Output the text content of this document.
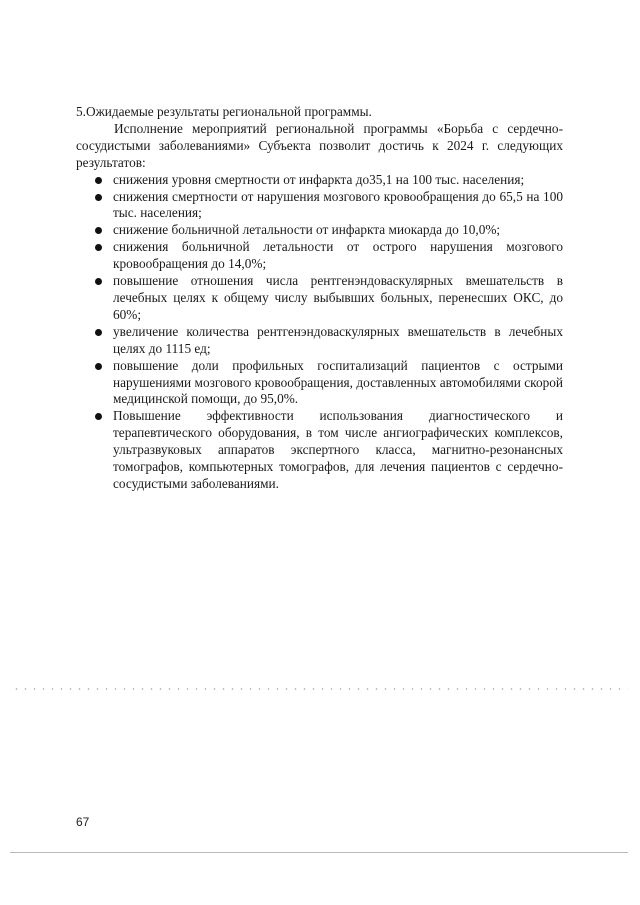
5.Ожидаемые результаты региональной программы.

Исполнение мероприятий региональной программы «Борьба с сердечно-сосудистыми заболеваниями» Субъекта позволит достичь к 2024 г. следующих результатов:

снижения уровня смертности от инфаркта до35,1 на 100 тыс. населения;
снижения смертности от нарушения мозгового кровообращения до 65,5 на 100 тыс. населения;
снижение больничной летальности от инфаркта миокарда до 10,0%;
снижения больничной летальности от острого нарушения мозгового кровообращения до 14,0%;
повышение отношения числа рентгенэндоваскулярных вмешательств в лечебных целях к общему числу выбывших больных, перенесших ОКС, до 60%;
увеличение количества рентгенэндоваскулярных вмешательств в лечебных целях до 1115 ед;
повышение доли профильных госпитализаций пациентов с острыми нарушениями мозгового кровообращения, доставленных автомобилями скорой медицинской помощи, до 95,0%.
Повышение эффективности использования диагностического и терапевтического оборудования, в том числе ангиографических комплексов, ультразвуковых аппаратов экспертного класса, магнитно-резонансных томографов, компьютерных томографов, для лечения пациентов с сердечно-сосудистыми заболеваниями.
67
